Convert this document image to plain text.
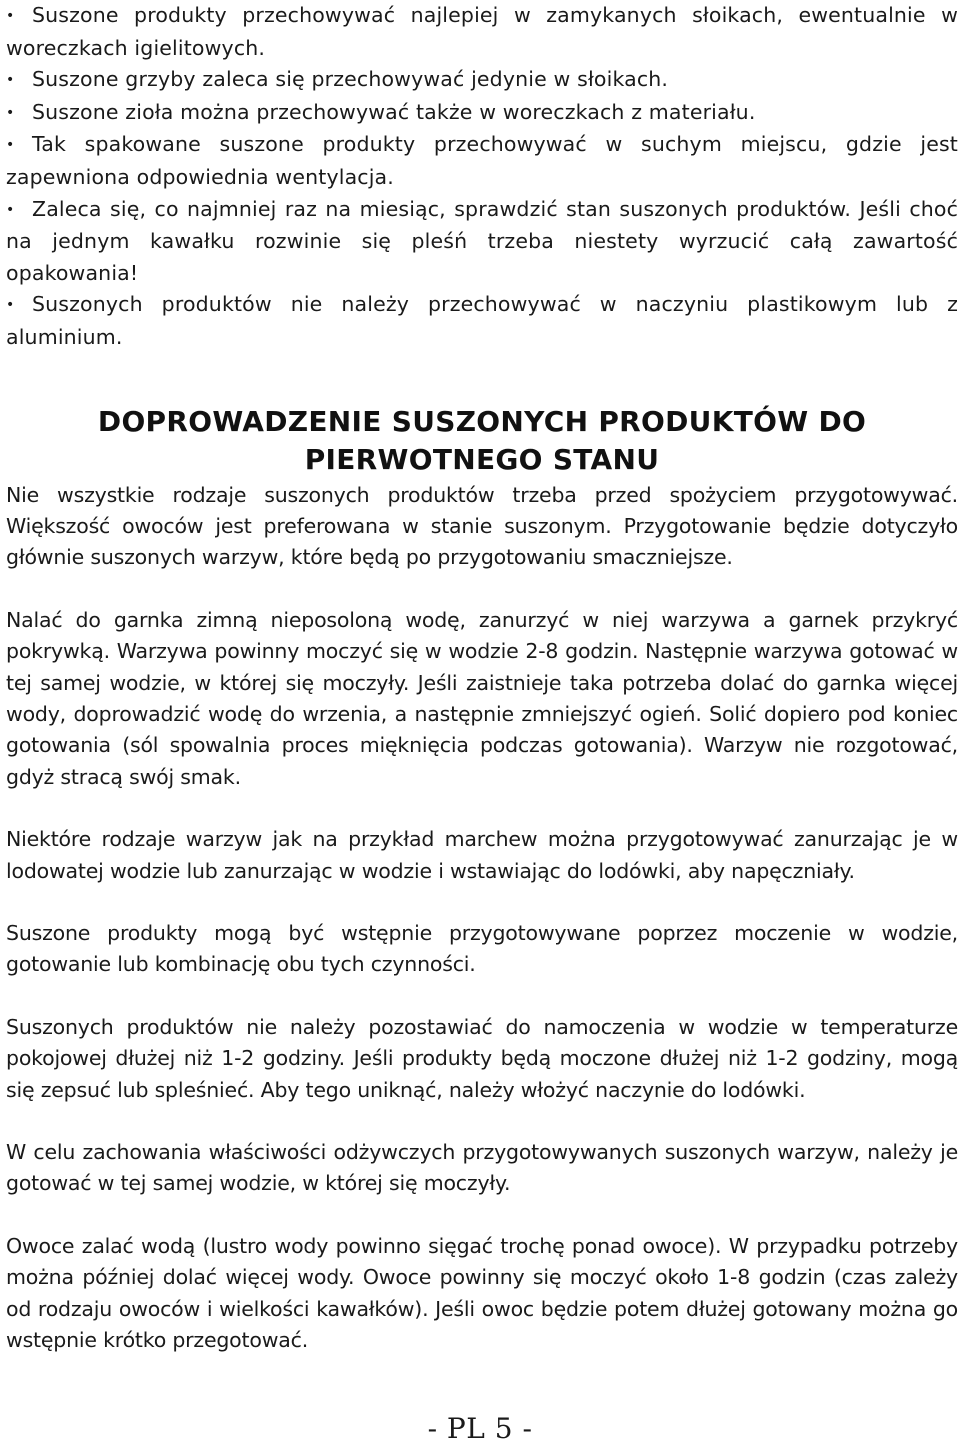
• Suszone produkty przechowywać najlepiej w zamykanych słoikach, ewentualnie w woreczkach igielitowych.
• Suszone grzyby zaleca się przechowywać jedynie w słoikach.
• Suszone zioła można przechowywać także w woreczkach z materiału.
• Tak spakowane suszone produkty przechowywać w suchym miejscu, gdzie jest zapewniona odpowiednia wentylacja.
• Zaleca się, co najmniej raz na miesiąc, sprawdzić stan suszonych produktów. Jeśli choć na jednym kawałku rozwinie się pleśń trzeba niestety wyrzucić całą zawartość opakowania!
• Suszonych produktów nie należy przechowywać w naczyniu plastikowym lub z aluminium.
DOPROWADZENIE SUSZONYCH PRODUKTÓW DO
PIERWOTNEGO STANU

Nie wszystkie rodzaje suszonych produktów trzeba przed spożyciem przygotowywać. Większość owoców jest preferowana w stanie suszonym. Przygotowanie będzie dotyczyło głównie suszonych warzyw, które będą po przygotowaniu smaczniejsze.

Nalać do garnka zimną nieposoloną wodę, zanurzyć w niej warzywa a garnek przykryć pokrywką. Warzywa powinny moczyć się w wodzie 2-8 godzin. Następnie warzywa gotować w tej samej wodzie, w której się moczyły. Jeśli zaistnieje taka potrzeba dolać do garnka więcej wody, doprowadzić wodę do wrzenia, a następnie zmniejszyć ogień. Solić dopiero pod koniec gotowania (sól spowalnia proces mięknięcia podczas gotowania). Warzyw nie rozgotować, gdyż stracą swój smak.

Niektóre rodzaje warzyw jak na przykład marchew można przygotowywać zanurzając je w lodowatej wodzie lub zanurzając w wodzie i wstawiając do lodówki, aby napęczniały.

Suszone produkty mogą być wstępnie przygotowywane poprzez moczenie w wodzie, gotowanie lub kombinację obu tych czynności.

Suszonych produktów nie należy pozostawiać do namoczenia w wodzie w temperaturze pokojowej dłużej niż 1-2 godziny. Jeśli produkty będą moczone dłużej niż 1-2 godziny, mogą się zepsuć lub spleśnieć. Aby tego uniknąć, należy włożyć naczynie do lodówki.

W celu zachowania właściwości odżywczych przygotowywanych suszonych warzyw, należy je gotować w tej samej wodzie, w której się moczyły.

Owoce zalać wodą (lustro wody powinno sięgać trochę ponad owoce). W przypadku potrzeby można później dolać więcej wody. Owoce powinny się moczyć około 1-8 godzin (czas zależy od rodzaju owoców i wielkości kawałków). Jeśli owoc będzie potem dłużej gotowany można go wstępnie krótko przegotować.

- PL 5 -
